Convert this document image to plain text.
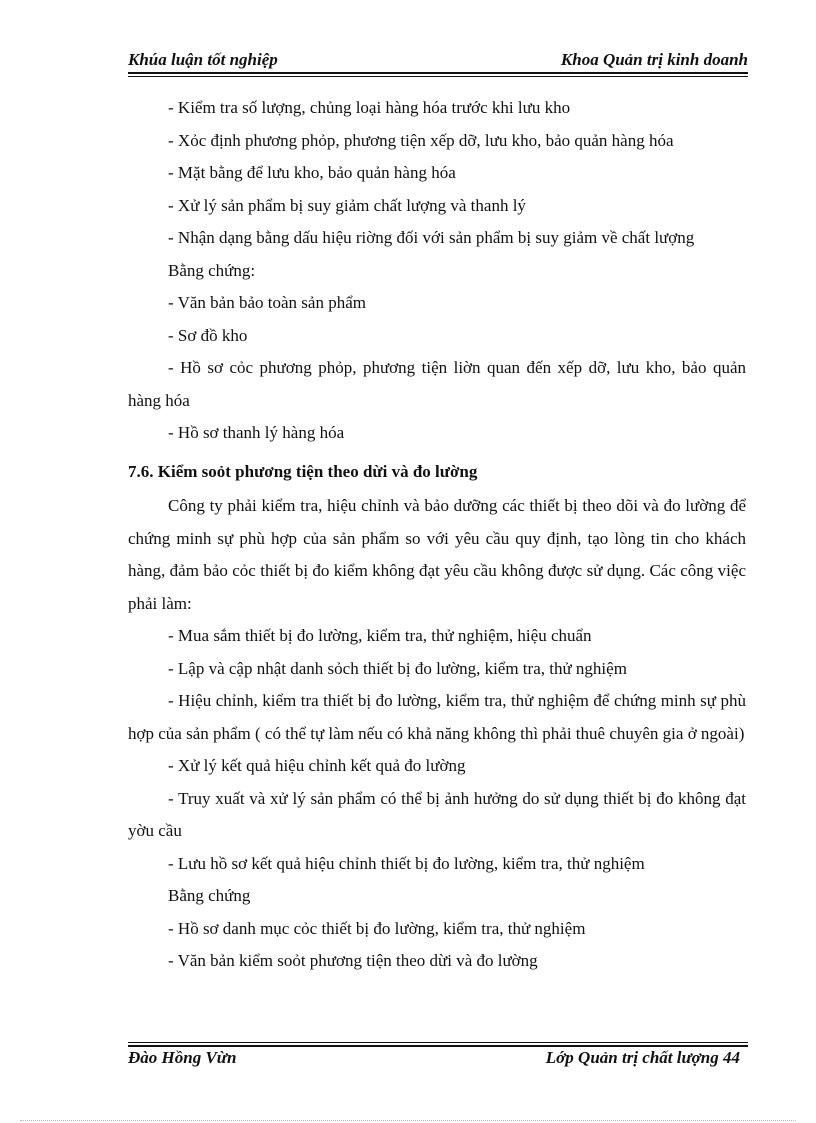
Khúa luận tốt nghiệp	Khoa Quản trị kinh doanh

- Kiểm tra số lượng, chủng loại hàng hóa trước khi lưu kho

- Xỏc định phương phỏp, phương tiện xếp dỡ, lưu kho, bảo quản hàng hóa

- Mặt bằng để lưu kho, bảo quản hàng hóa

- Xử lý sản phẩm bị suy giảm chất lượng và thanh lý

- Nhận dạng bằng dấu hiệu riờng đối với sản phẩm bị suy giảm về chất lượng

Bằng chứng:

- Văn bản bảo toàn sản phẩm

- Sơ đồ kho

- Hồ sơ cỏc phương phỏp, phương tiện liờn quan đến xếp dỡ, lưu kho, bảo quản hàng hóa

- Hồ sơ thanh lý hàng hóa

7.6. Kiểm soỏt phương tiện theo dừi và đo lường

Công ty phải kiểm tra, hiệu chỉnh và bảo dưỡng các thiết bị theo dõi và đo lường để chứng minh sự phù hợp của sản phẩm so với yêu cầu quy định, tạo lòng tin cho khách hàng, đảm bảo cỏc thiết bị đo kiểm không đạt yêu cầu không được sử dụng. Các công việc phải làm:

- Mua sắm thiết bị đo lường, kiểm tra, thử nghiệm, hiệu chuẩn

- Lập và cập nhật danh sỏch thiết bị đo lường, kiểm tra, thử nghiệm

- Hiệu chỉnh, kiểm tra thiết bị đo lường, kiểm tra, thử nghiệm để chứng minh sự phù hợp của sản phẩm ( có thể tự làm nếu có khả năng không thì phải thuê chuyên gia ở ngoài)

- Xử lý kết quả hiệu chỉnh kết quả đo lường

- Truy xuất và xử lý sản phẩm có thể bị ảnh hưởng do sử dụng thiết bị đo không đạt yờu cầu

- Lưu hồ sơ kết quả hiệu chỉnh thiết bị đo lường, kiểm tra, thử nghiệm

Bằng chứng

- Hồ sơ danh mục cỏc thiết bị đo lường, kiểm tra, thử nghiệm

- Văn bản kiểm soỏt phương tiện theo dừi và đo lường

Đào Hồng Vừn	Lớp Quản trị chất lượng 44
